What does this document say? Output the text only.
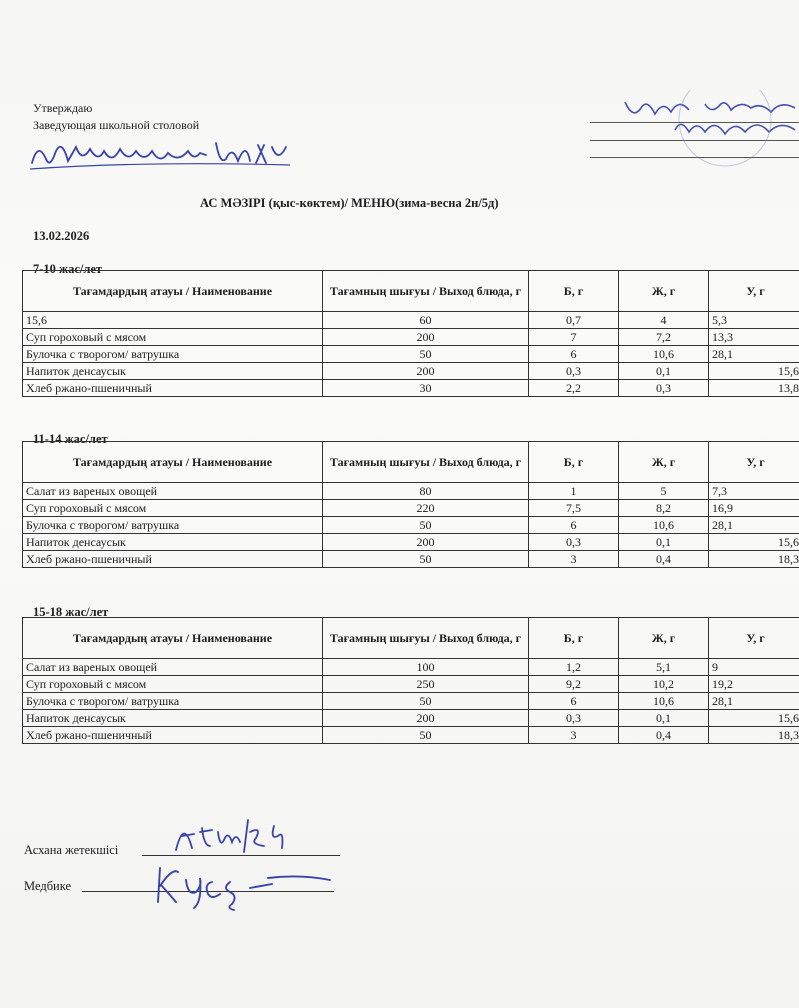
Утверждаю
Заведующая школьной столовой
АС МӘЗІРІ (қыс-көктем)/ МЕНЮ(зима-весна 2н/5д)
13.02.2026
7-10 жас/лет
Тағамдардың атауы / Наименование	Тағамның шығуы / Выход блюда, г	Б, г	Ж, г	У, г
15,6	60	0,7	4	5,3
Суп гороховый с мясом	200	7	7,2	13,3
Булочка с творогом/ ватрушка	50	6	10,6	28,1
Напиток денсаусык	200	0,3	0,1	15,6
Хлеб ржано-пшеничный	30	2,2	0,3	13,8
11-14 жас/лет
Тағамдардың атауы / Наименование	Тағамның шығуы / Выход блюда, г	Б, г	Ж, г	У, г
Салат из вареных овощей	80	1	5	7,3
Суп гороховый с мясом	220	7,5	8,2	16,9
Булочка с творогом/ ватрушка	50	6	10,6	28,1
Напиток денсаусык	200	0,3	0,1	15,6
Хлеб ржано-пшеничный	50	3	0,4	18,3
15-18 жас/лет
Тағамдардың атауы / Наименование	Тағамның шығуы / Выход блюда, г	Б, г	Ж, г	У, г
Салат из вареных овощей	100	1,2	5,1	9
Суп гороховый с мясом	250	9,2	10,2	19,2
Булочка с творогом/ ватрушка	50	6	10,6	28,1
Напиток денсаусык	200	0,3	0,1	15,6
Хлеб ржано-пшеничный	50	3	0,4	18,3
Асхана жетекшісі
Медбике
